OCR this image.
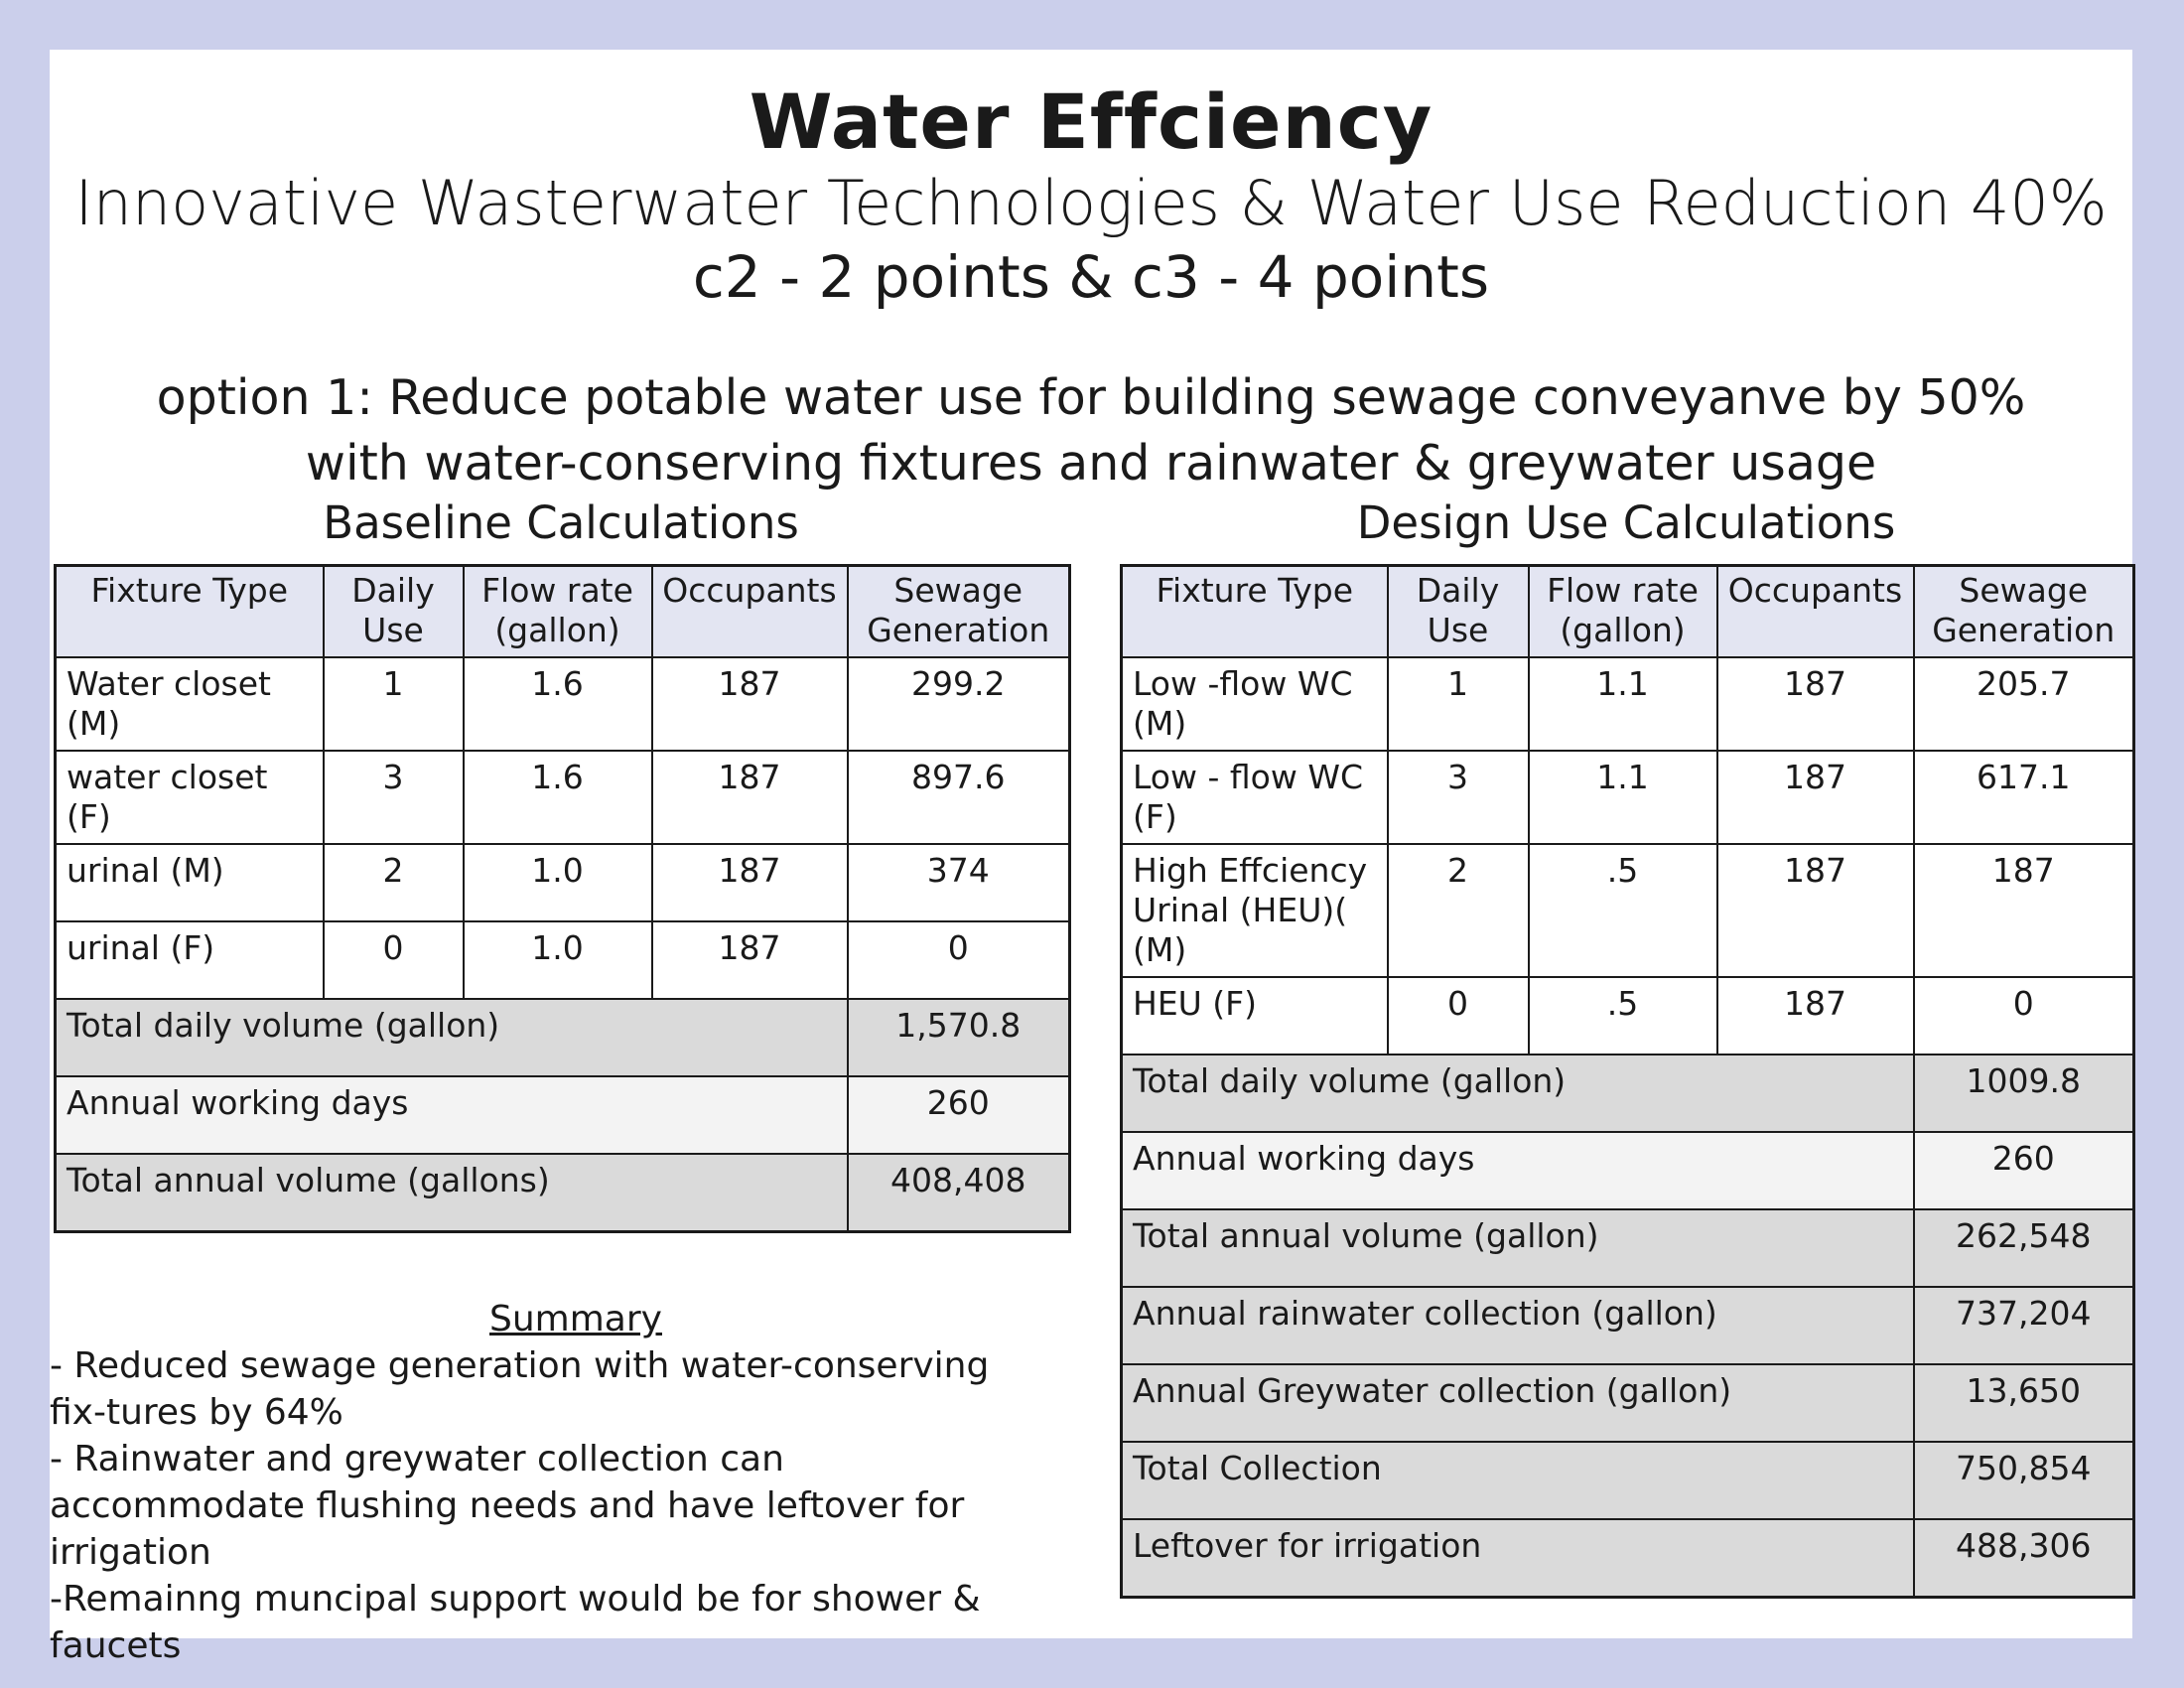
Water Effciency
Innovative Wasterwater Technologies & Water Use Reduction 40%
c2 - 2 points & c3 - 4 points
option 1: Reduce potable water use for building sewage conveyanve by 50%
with water-conserving fixtures and rainwater & greywater usage
Baseline Calculations
Fixture Type	Daily Use	Flow rate (gallon)	Occupants	Sewage Generation
Water closet (M)	1	1.6	187	299.2
water closet (F)	3	1.6	187	897.6
urinal (M)	2	1.0	187	374
urinal (F)	0	1.0	187	0
Total daily volume (gallon)				1,570.8
Annual working days				260
Total annual volume (gallons)				408,408
Design Use Calculations
Fixture Type	Daily Use	Flow rate (gallon)	Occupants	Sewage Generation
Low -flow WC (M)	1	1.1	187	205.7
Low - flow WC (F)	3	1.1	187	617.1
High Effciency Urinal (HEU)( (M)	2	.5	187	187
HEU (F)	0	.5	187	0
Total daily volume (gallon)				1009.8
Annual working days				260
Total annual volume (gallon)				262,548
Annual rainwater collection (gallon)				737,204
Annual Greywater collection (gallon)				13,650
Total Collection				750,854
Leftover for irrigation				488,306
Summary
- Reduced sewage generation with water-conserving fix-tures by 64%
- Rainwater and greywater collection can accommodate flushing needs and have leftover for irrigation
-Remainng muncipal support would be for shower & faucets
